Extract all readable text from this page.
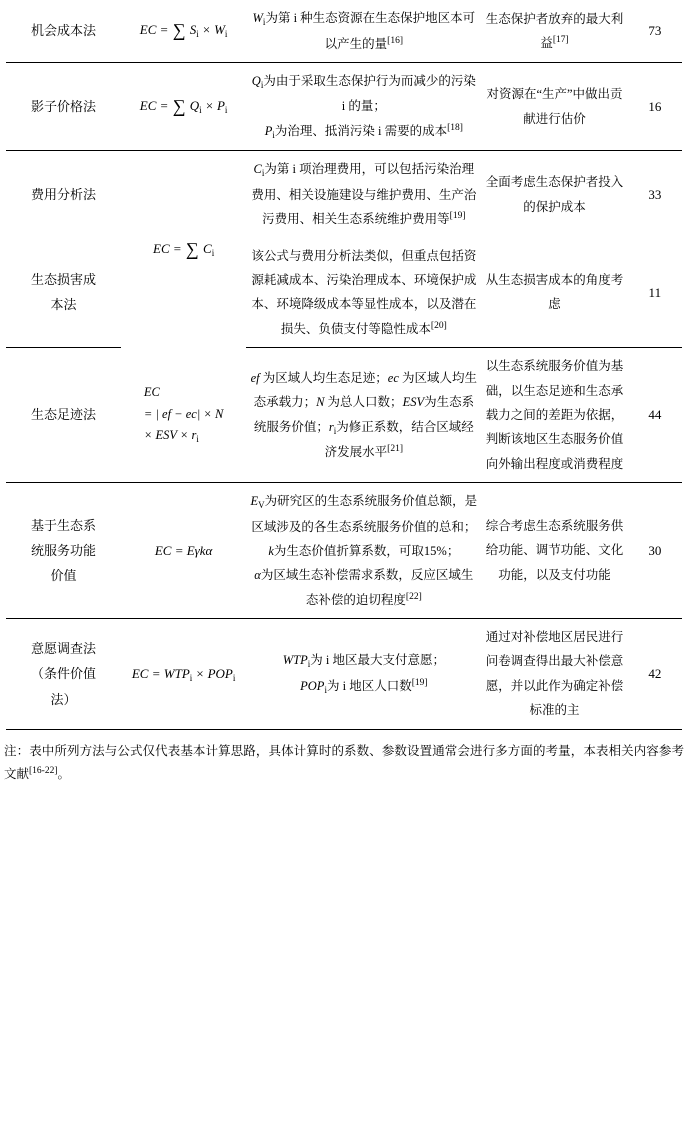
机会成本法	EC = ∑ $S_i \times W_i$	$W_i$为第 i 种生态资源在生态保护地区本可以产生的量[16]	生态保护者放弃的最大利益[17]	73
影子价格法	EC = ∑ $Q_i \times P_i$	$Q_i$为由于采取生态保护行为而减少的污染 i 的量；
$P_i$为治理、抵消污染 i 需要的成本[18]	对资源在“生产”中做出贡献进行估价	16
费用分析法	EC = ∑ $C_i$	$C_i$为第 i 项治理费用，可以包括污染治理费用、相关设施建设与维护费用、生产治污费用、相关生态系统维护费用等[19]	全面考虑生态保护者投入的保护成本	33
生态损害成
本法		该公式与费用分析法类似，但重点包括资源耗减成本、污染治理成本、环境保护成本、环境降级成本等显性成本，以及潜在损失、负债支付等隐性成本[20]	从生态损害成本的角度考虑	11
生态足迹法	EC
= | ef − ec| × N
× ESV × $r_i$	ef 为区域人均生态足迹；ec 为区域人均生态承载力；N 为总人口数；ESV为生态系统服务价值；$r_i$为修正系数，结合区域经济发展水平[21]	以生态系统服务价值为基础，以生态足迹和生态承载力之间的差距为依据，判断该地区生态服务价值向外输出程度或消费程度	44
基于生态系
统服务功能
价值	EC = Eγkα	$E_V$为研究区的生态系统服务价值总额，是区域涉及的各生态系统服务价值的总和；
k为生态价值折算系数，可取15%；
α为区域生态补偿需求系数，反应区域生态补偿的迫切程度[22]	综合考虑生态系统服务供给功能、调节功能、文化功能，以及支付功能	30
意愿调查法
（条件价值
法）	EC = $WTP_i \times POP_i$	$WTP_i$为 i 地区最大支付意愿；
$POP_i$为 i 地区人口数[19]	通过对补偿地区居民进行问卷调查得出最大补偿意愿，并以此作为确定补偿标准的主	42
注：表中所列方法与公式仅代表基本计算思路，具体计算时的系数、参数设置通常会进行多方面的考量，本表相关内容参考文献[16-22]。
